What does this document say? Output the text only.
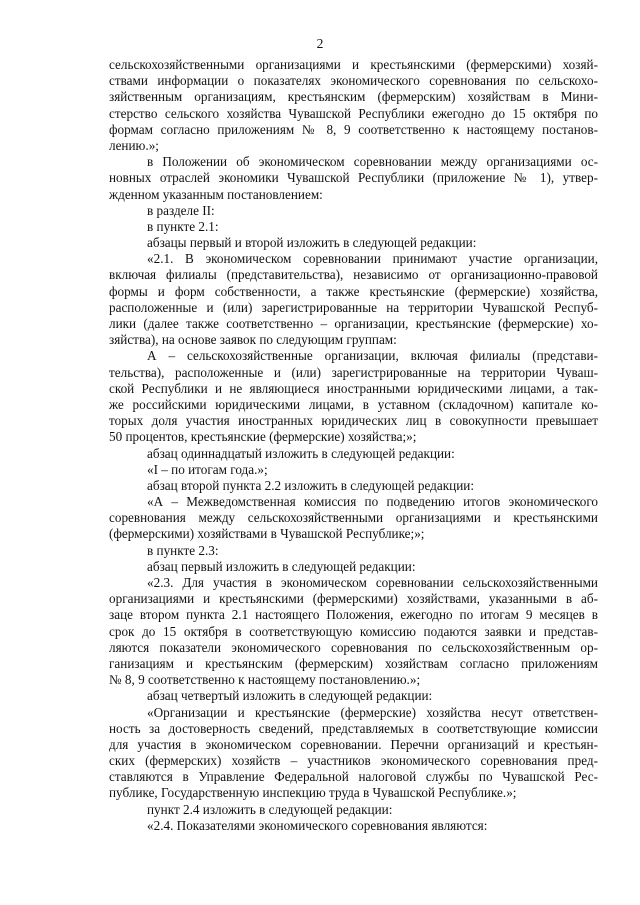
2
сельскохозяйственными организациями и крестьянскими (фермерскими) хозяй-
ствами информации о показателях экономического соревнования по сельскохо-
зяйственным организациям, крестьянским (фермерским) хозяйствам в Мини-
стерство сельского хозяйства Чувашской Республики ежегодно до 15 октября по
формам согласно приложениям № 8, 9 соответственно к настоящему постанов-
лению.»;
в Положении об экономическом соревновании между организациями ос-
новных отраслей экономики Чувашской Республики (приложение № 1), утвер-
жденном указанным постановлением:
в разделе II:
в пункте 2.1:
абзацы первый и второй изложить в следующей редакции:
«2.1. В экономическом соревновании принимают участие организации,
включая филиалы (представительства), независимо от организационно-правовой
формы и форм собственности, а также крестьянские (фермерские) хозяйства,
расположенные и (или) зарегистрированные на территории Чувашской Респуб-
лики (далее также соответственно – организации, крестьянские (фермерские) хо-
зяйства), на основе заявок по следующим группам:
А – сельскохозяйственные организации, включая филиалы (представи-
тельства), расположенные и (или) зарегистрированные на территории Чуваш-
ской Республики и не являющиеся иностранными юридическими лицами, а так-
же российскими юридическими лицами, в уставном (складочном) капитале ко-
торых доля участия иностранных юридических лиц в совокупности превышает
50 процентов, крестьянские (фермерские) хозяйства;»;
абзац одиннадцатый изложить в следующей редакции:
«I – по итогам года.»;
абзац второй пункта 2.2 изложить в следующей редакции:
«А – Межведомственная комиссия по подведению итогов экономического
соревнования между сельскохозяйственными организациями и крестьянскими
(фермерскими) хозяйствами в Чувашской Республике;»;
в пункте 2.3:
абзац первый изложить в следующей редакции:
«2.3. Для участия в экономическом соревновании сельскохозяйственными
организациями и крестьянскими (фермерскими) хозяйствами, указанными в аб-
заце втором пункта 2.1 настоящего Положения, ежегодно по итогам 9 месяцев в
срок до 15 октября в соответствующую комиссию подаются заявки и представ-
ляются показатели экономического соревнования по сельскохозяйственным ор-
ганизациям и крестьянским (фермерским) хозяйствам согласно приложениям
№ 8, 9 соответственно к настоящему постановлению.»;
абзац четвертый изложить в следующей редакции:
«Организации и крестьянские (фермерские) хозяйства несут ответствен-
ность за достоверность сведений, представляемых в соответствующие комиссии
для участия в экономическом соревновании. Перечни организаций и крестьян-
ских (фермерских) хозяйств – участников экономического соревнования пред-
ставляются в Управление Федеральной налоговой службы по Чувашской Рес-
публике, Государственную инспекцию труда в Чувашской Республике.»;
пункт 2.4 изложить в следующей редакции:
«2.4. Показателями экономического соревнования являются:
